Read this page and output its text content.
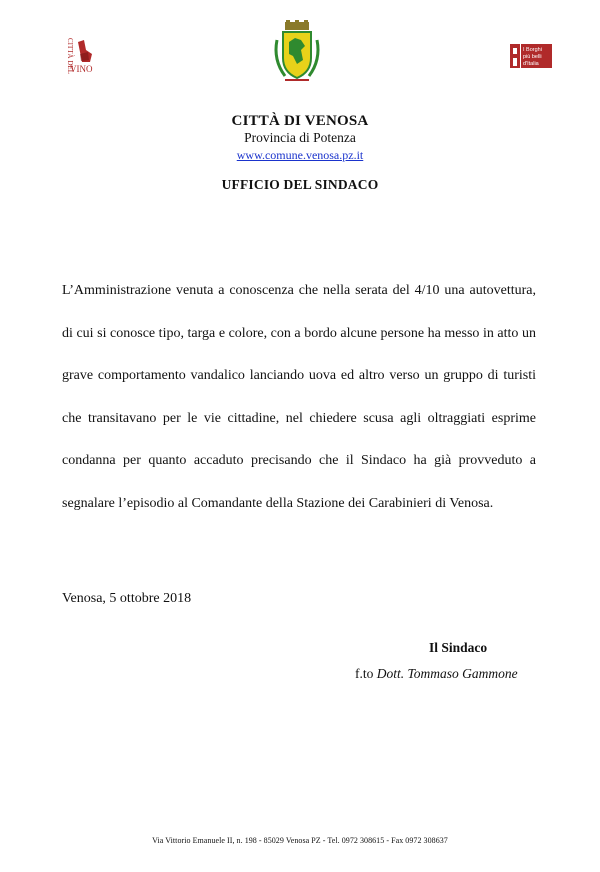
CITTÀ DEL
VINO
I Borghi
più belli
d'Italia
CITTÀ DI VENOSA
Provincia di Potenza
www.comune.venosa.pz.it
UFFICIO DEL SINDACO
L’Amministrazione venuta a conoscenza che nella serata del 4/10 una autovettura, di cui si conosce tipo, targa e colore, con a bordo alcune persone ha messo in atto un grave comportamento vandalico lanciando uova ed altro verso un gruppo di turisti che transitavano per le vie cittadine, nel chiedere scusa agli oltraggiati esprime condanna per quanto accaduto precisando che il Sindaco ha già provveduto a segnalare l’episodio al Comandante della Stazione dei Carabinieri di Venosa.
Venosa, 5 ottobre 2018
Il Sindaco
f.to Dott. Tommaso Gammone
Via Vittorio Emanuele II, n. 198 - 85029 Venosa PZ - Tel. 0972 308615 - Fax 0972 308637
